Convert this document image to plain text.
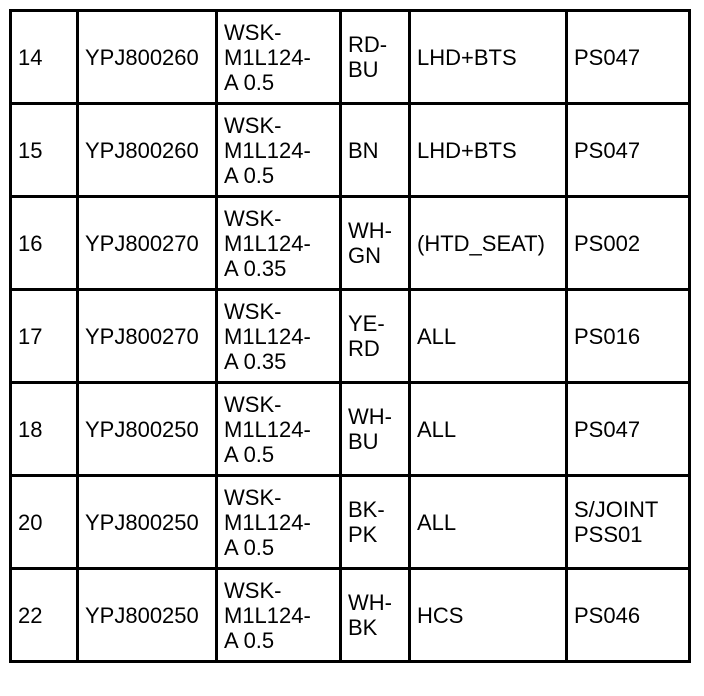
14	YPJ800260	WSK-
M1L124-
A 0.5	RD-
BU	LHD+BTS	PS047
15	YPJ800260	WSK-
M1L124-
A 0.5	BN	LHD+BTS	PS047
16	YPJ800270	WSK-
M1L124-
A 0.35	WH-
GN	(HTD_SEAT)	PS002
17	YPJ800270	WSK-
M1L124-
A 0.35	YE-
RD	ALL	PS016
18	YPJ800250	WSK-
M1L124-
A 0.5	WH-
BU	ALL	PS047
20	YPJ800250	WSK-
M1L124-
A 0.5	BK-
PK	ALL	S/JOINT
PSS01
22	YPJ800250	WSK-
M1L124-
A 0.5	WH-
BK	HCS	PS046
